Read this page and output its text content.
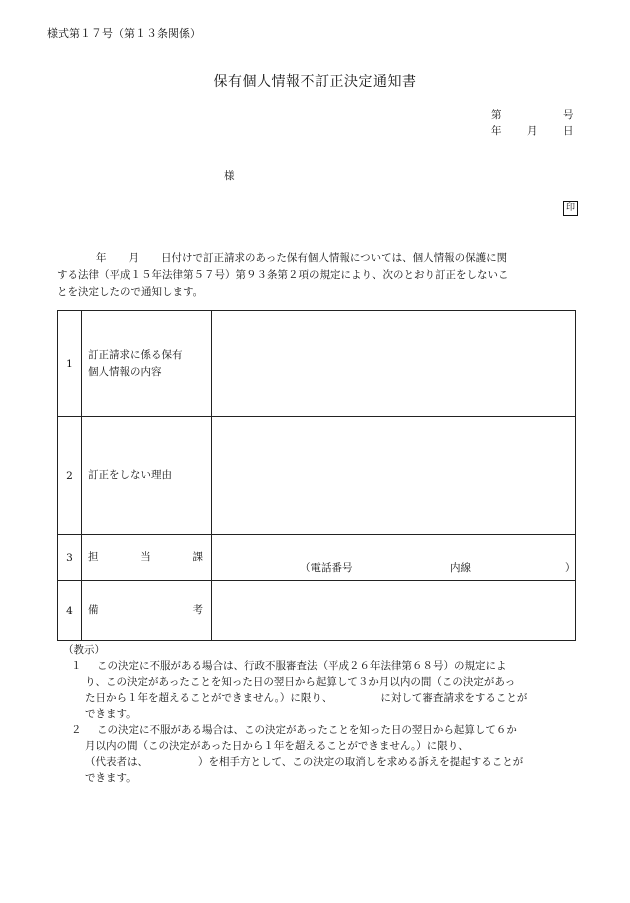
様式第１７号（第１３条関係）
保有個人情報不訂正決定通知書
第	号
年 月 日
様
印
年 月 日付けで訂正請求のあった保有個人情報については、個人情報の保護に関
する法律（平成１５年法律第５７号）第９３条第２項の規定により、次のとおり訂正をしないこ
とを決定したので通知します。
1	訂正請求に係る保有
個人情報の内容	

2	訂正をしない理由	
3	担 当 課	（電話番号 内線 ）

4	備 考	

（教示）
１ この決定に不服がある場合は、行政不服審査法（平成２６年法律第６８号）の規定によ
り、この決定があったことを知った日の翌日から起算して３か月以内の間（この決定があっ
た日から１年を超えることができません。）に限り、	に対して審査請求をすることが
できます。
２ この決定に不服がある場合は、この決定があったことを知った日の翌日から起算して６か
月以内の間（この決定があった日から１年を超えることができません。）に限り、
（代表者は、	）を相手方として、この決定の取消しを求める訴えを提起することが
できます。
